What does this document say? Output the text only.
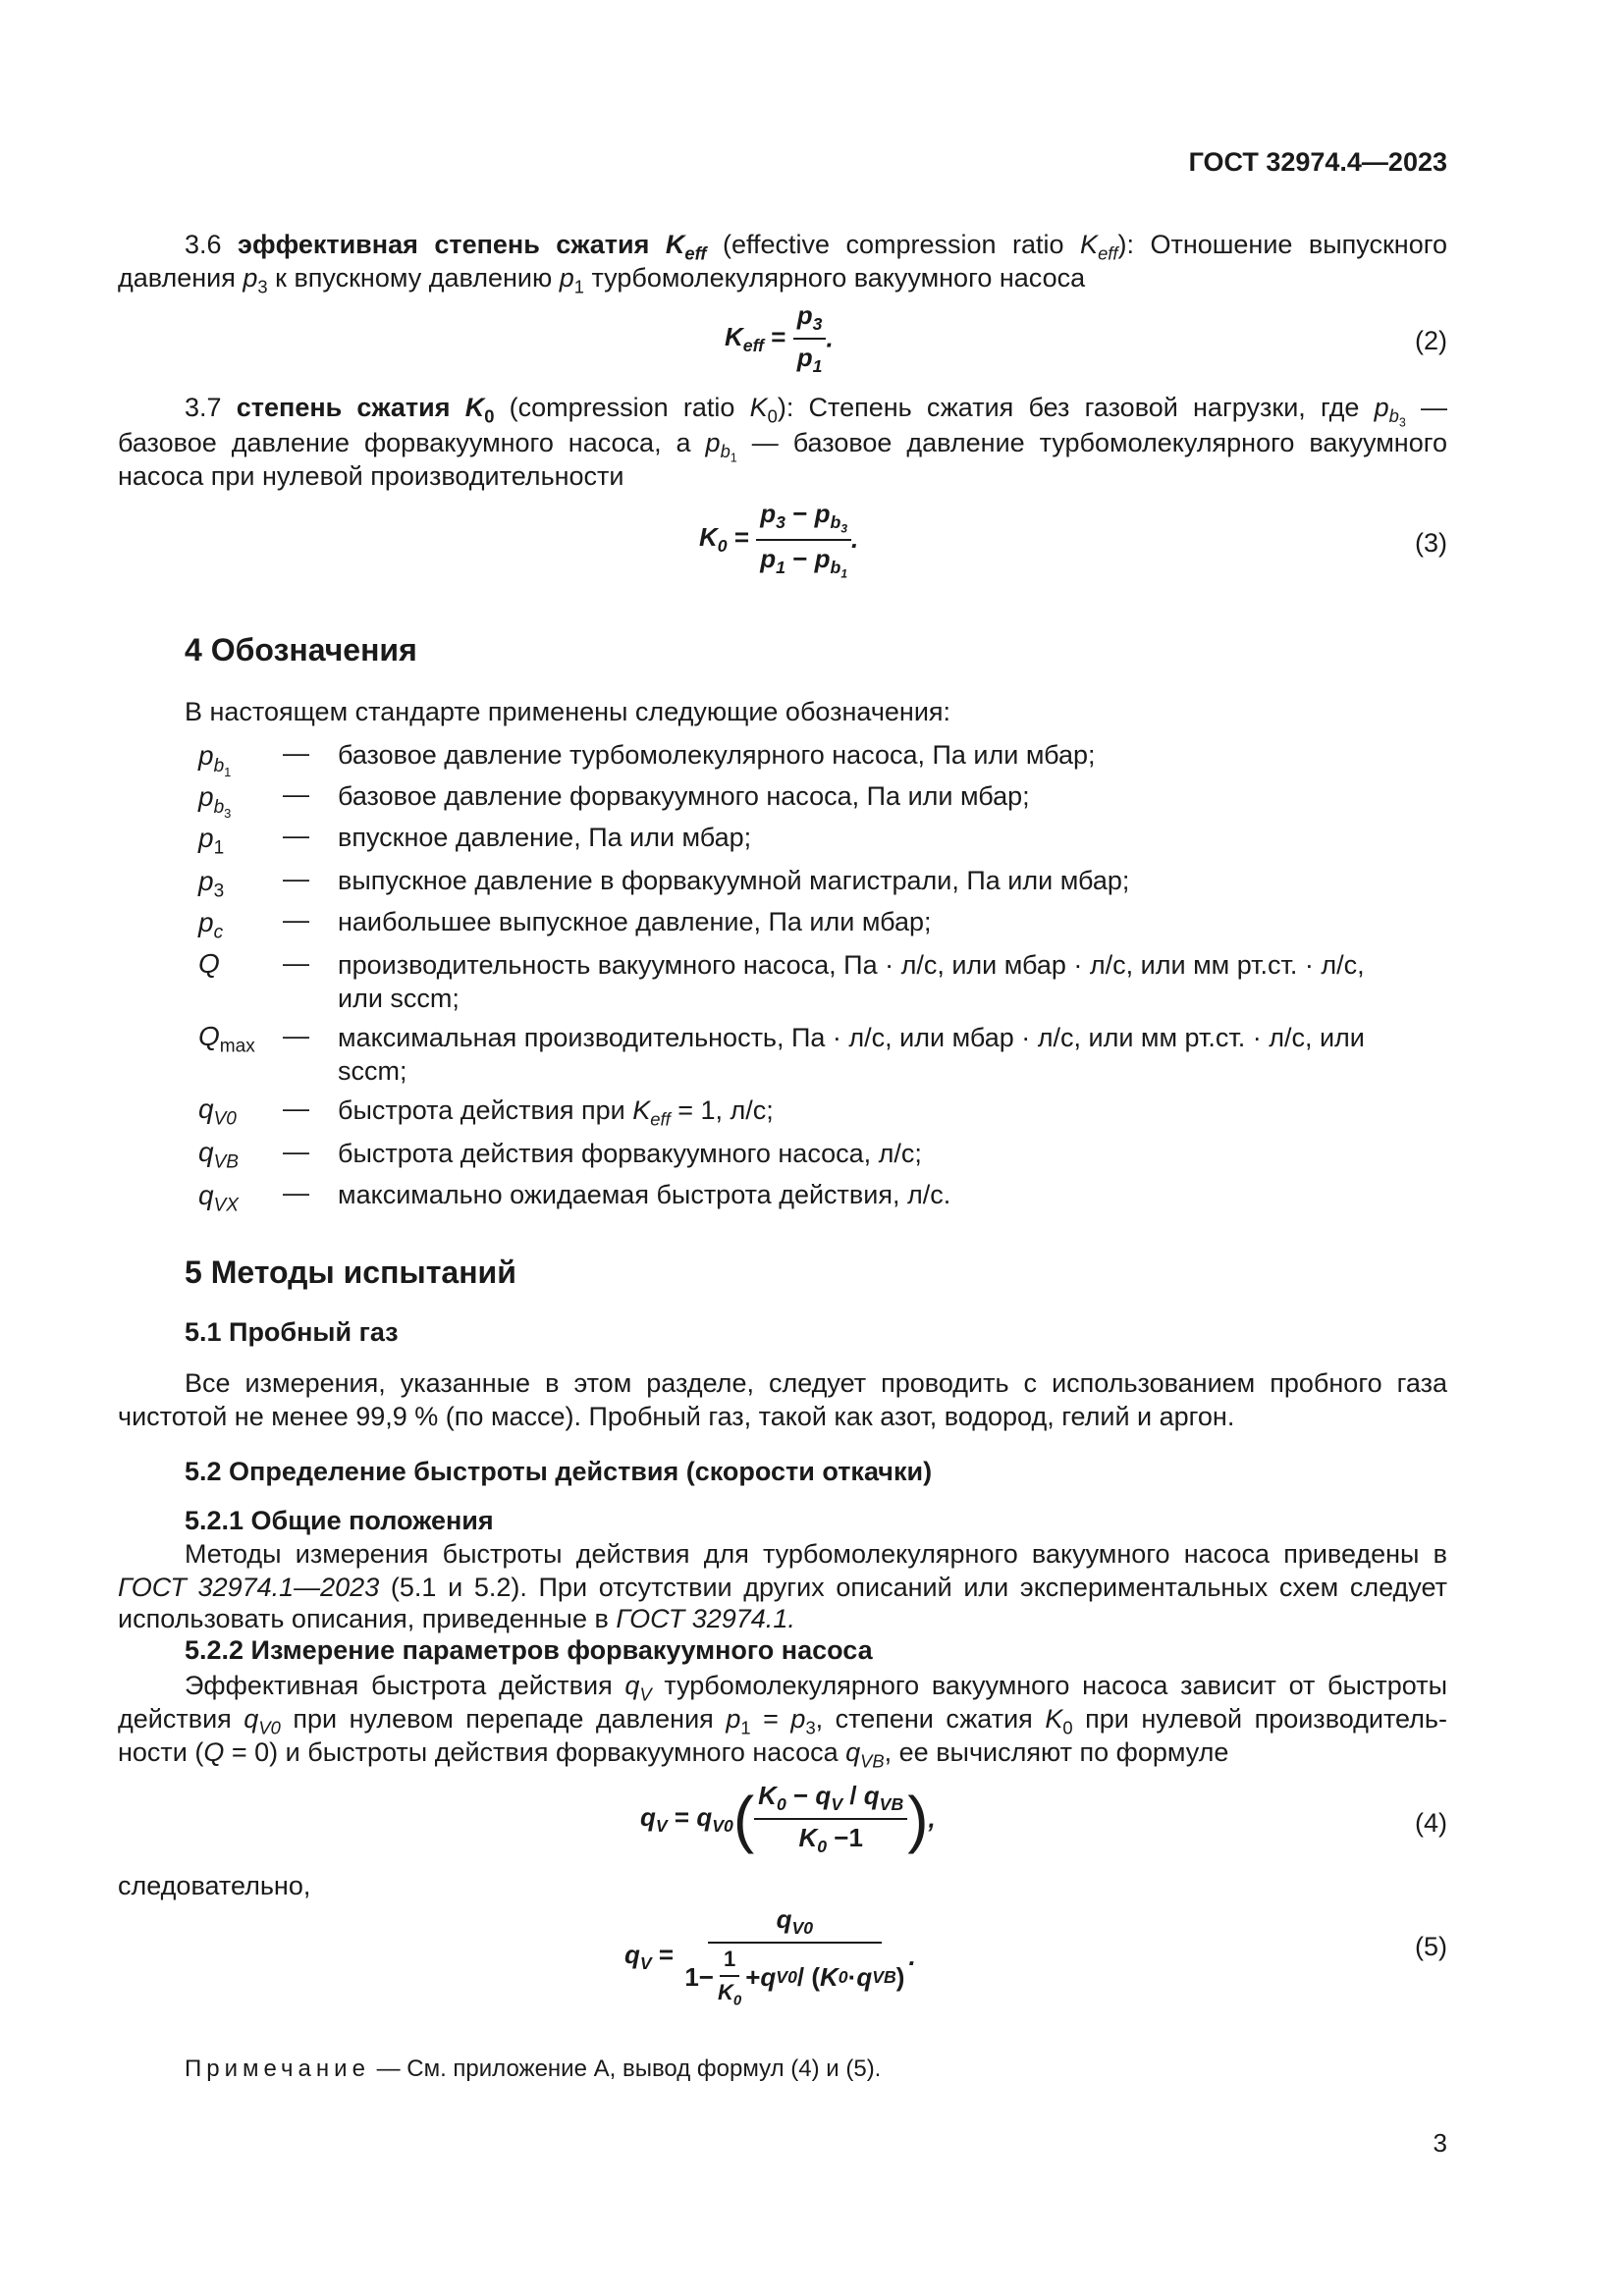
ГОСТ 32974.4—2023
3.6 эффективная степень сжатия $K_{eff}$ (effective compression ratio $K_{eff}$): Отношение выпускного
давления $p_3$ к впускному давлению $p_1$ турбомолекулярного вакуумного насоса
$K_{eff} = \frac{p_3}{p_1}$ .	(2)
3.7 степень сжатия $K_0$ (compression ratio $K_0$): Степень сжатия без газовой нагрузки, где $p_{b_3}$ —
базовое давление форвакуумного насоса, а $p_{b_1}$ — базовое давление турбомолекулярного вакуумного
насоса при нулевой производительности
$K_0 = \frac{p_3 - p_{b_3}}{p_1 - p_{b_1}}$ .	(3)
4 Обозначения
В настоящем стандарте применены следующие обозначения:
$p_{b_1}$
— базовое давление турбомолекулярного насоса, Па или мбар;
$p_{b_3}$
— базовое давление форвакуумного насоса, Па или мбар;
$p_1$ — впускное давление, Па или мбар;
$p_3$ — выпускное давление в форвакуумной магистрали, Па или мбар;
$p_c$ — наибольшее выпускное давление, Па или мбар;
Q — производительность вакуумного насоса, Па · л/с, или мбар · л/с, или мм рт.ст. · л/с,
или sccm;
$Q_{max}$ — максимальная производительность, Па · л/с, или мбар · л/с, или мм рт.ст. · л/с, или
sccm;
$q_{V0}$ — быстрота действия при $K_{eff} = 1$, л/с;
$q_{VB}$ — быстрота действия форвакуумного насоса, л/с;
$q_{VX}$ — максимально ожидаемая быстрота действия, л/с.
5 Методы испытаний
5.1 Пробный газ
Все измерения, указанные в этом разделе, следует проводить с использованием пробного газа
чистотой не менее 99,9 % (по массе). Пробный газ, такой как азот, водород, гелий и аргон.
5.2 Определение быстроты действия (скорости откачки)
5.2.1 Общие положения
Методы измерения быстроты действия для турбомолекулярного вакуумного насоса приведены в
ГОСТ 32974.1—2023 (5.1 и 5.2). При отсутствии других описаний или экспериментальных схем следует
использовать описания, приведенные в ГОСТ 32974.1.
5.2.2 Измерение параметров форвакуумного насоса
Эффективная быстрота действия $q_V$ турбомолекулярного вакуумного насоса зависит от быстроты
действия $q_{V0}$ при нулевом перепаде давления $p_1 = p_3$, степени сжатия $K_0$ при нулевой производитель-
ности (Q = 0) и быстроты действия форвакуумного насоса $q_{VB}$, ее вычисляют по формуле
$q_V = q_{V0}( \frac{K_0 - q_V / q_{VB}}{K_0 -1}$ ),	(4)
следовательно,
$q_V = \frac{q_{V0}}{1- \frac{1}{K_0} + q V0 / ( K 0 \cdot q VB )}$ .	(5)
Примечание — См. приложение А, вывод формул (4) и (5).
3
